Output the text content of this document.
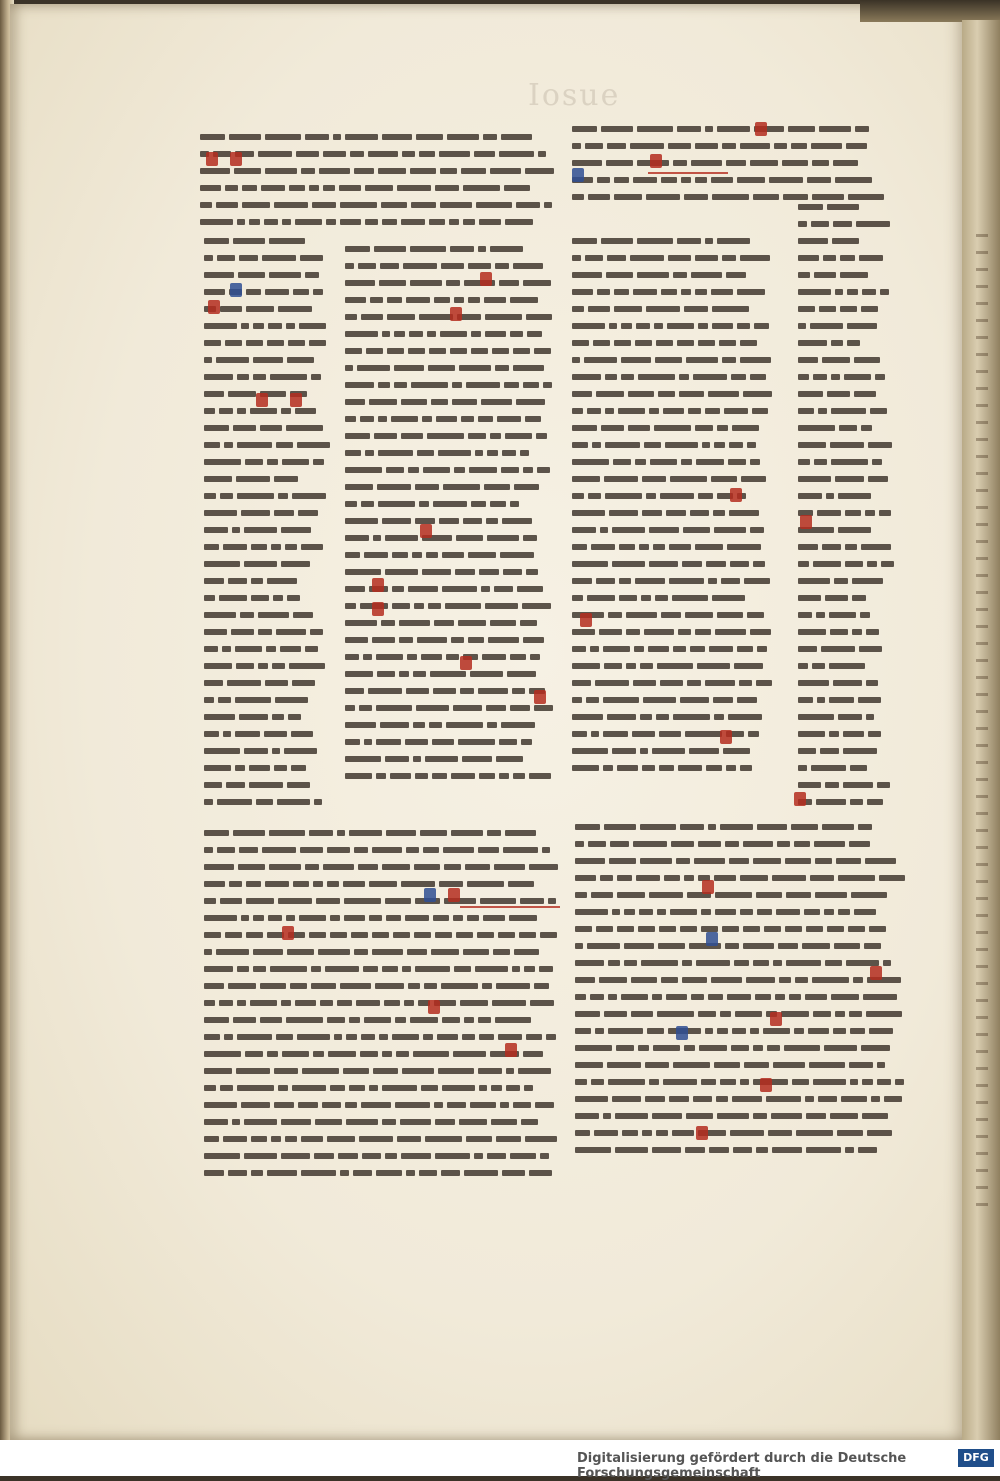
Iosue
Digitalisierung gefördert durch die Deutsche Forschungsgemeinschaft
DFG
